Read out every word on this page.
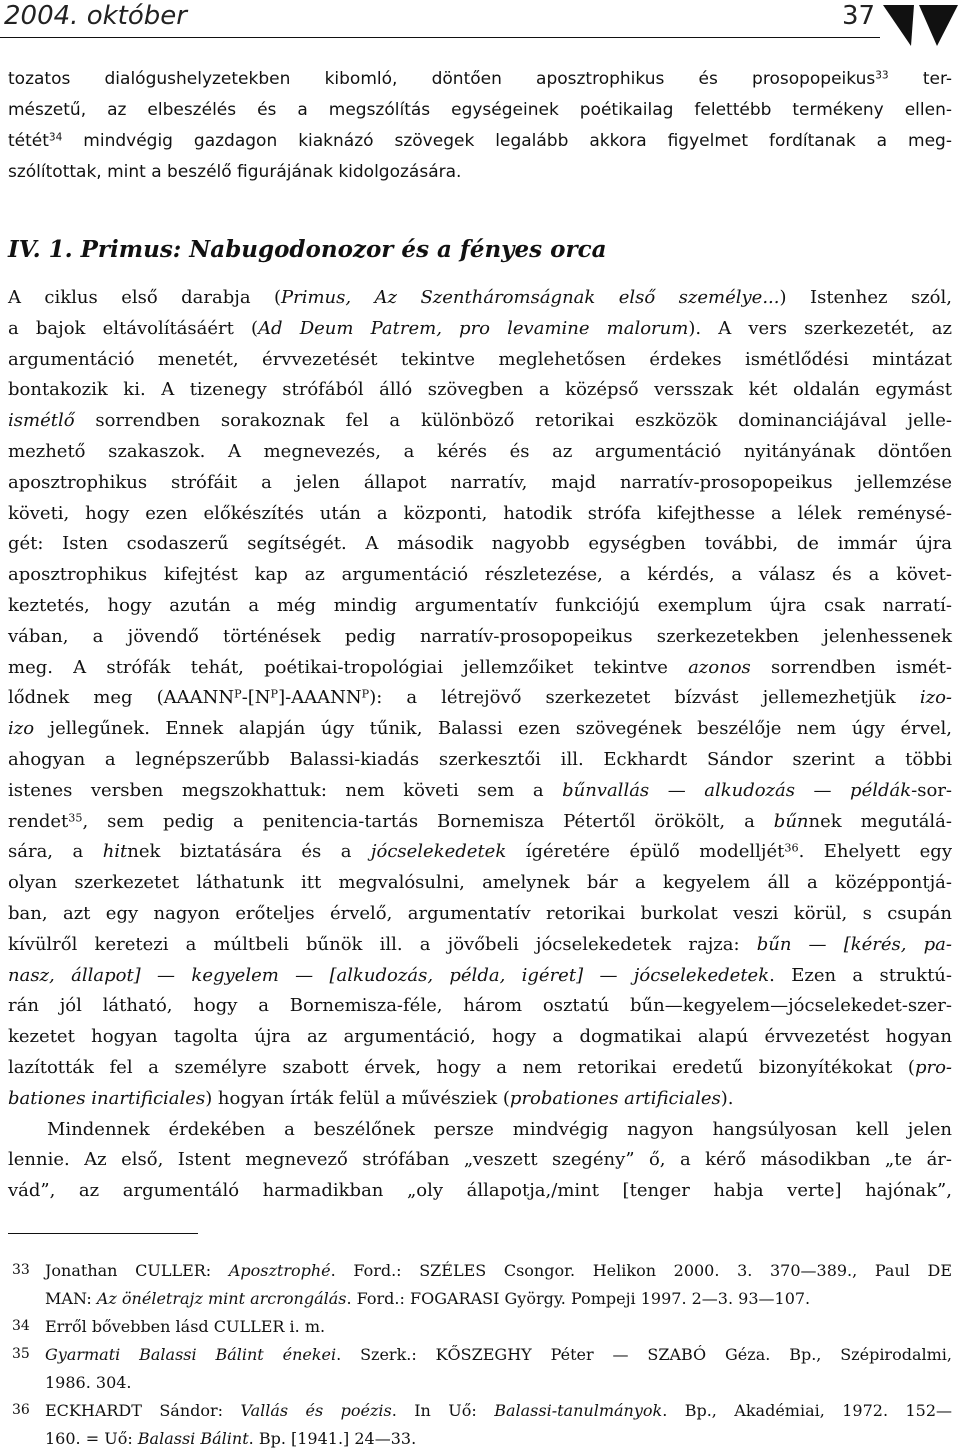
2004. október	37
tozatos dialógushelyzetekben kibomló, döntően aposztrophikus és prosopopeikus$^{33}$ ter-
mészetű, az elbeszélés és a megszólítás egységeinek poétikailag felettébb termékeny ellen-
tétét$^{34}$ mindvégig gazdagon kiaknázó szövegek legalább akkora figyelmet fordítanak a meg-
szólítottak, mint a beszélő figurájának kidolgozására.
IV. 1. Primus: Nabugodonozor és a fényes orca
A ciklus első darabja (Primus, Az Szentháromságnak első személye...) Istenhez szól,
a bajok eltávolításáért (Ad Deum Patrem, pro levamine malorum). A vers szerkezetét, az
argumentáció menetét, érvvezetését tekintve meglehetősen érdekes ismétlődési mintázat
bontakozik ki. A tizenegy strófából álló szövegben a középső versszak két oldalán egymást
ismétlő sorrendben sorakoznak fel a különböző retorikai eszközök dominanciájával jelle-
mezhető szakaszok. A megnevezés, a kérés és az argumentáció nyitányának döntően
aposztrophikus strófáit a jelen állapot narratív, majd narratív-prosopopeikus jellemzése
követi, hogy ezen előkészítés után a központi, hatodik strófa kifejthesse a lélek reménysé-
gét: Isten csodaszerű segítségét. A második nagyobb egységben további, de immár újra
aposztrophikus kifejtést kap az argumentáció részletezése, a kérdés, a válasz és a követ-
keztetés, hogy azután a még mindig argumentatív funkciójú exemplum újra csak narratí-
vában, a jövendő történések pedig narratív-prosopopeikus szerkezetekben jelenhessenek
meg. A strófák tehát, poétikai-tropológiai jellemzőiket tekintve azonos sorrendben ismét-
lődnek meg $(AAANN^P-[N^P]-AAANN^P)$: a létrejövő szerkezetet bízvást jellemezhetjük izo-
izo jellegűnek. Ennek alapján úgy tűnik, Balassi ezen szövegének beszélője nem úgy érvel,
ahogyan a legnépszerűbb Balassi-kiadás szerkesztői ill. Eckhardt Sándor szerint a többi
istenes versben megszokhattuk: nem követi sem a bűnvallás — alkudozás — példák-sor-
rendet$^{35}$, sem pedig a penitencia-tartás Bornemisza Pétertől örökölt, a bűnnek megutálá-
sára, a hitnek biztatására és a jócselekedetek ígéretére épülő modelljét$^{36}$. Ehelyett egy
olyan szerkezetet láthatunk itt megvalósulni, amelynek bár a kegyelem áll a középpontjá-
ban, azt egy nagyon erőteljes érvelő, argumentatív retorikai burkolat veszi körül, s csupán
kívülről keretezi a múltbeli bűnök ill. a jövőbeli jócselekedetek rajza: bűn — [kérés, pa-
nasz, állapot] — kegyelem — [alkudozás, példa, igéret] — jócselekedetek. Ezen a struktú-
rán jól látható, hogy a Bornemisza-féle, három osztatú bűn—kegyelem—jócselekedet-szer-
kezetet hogyan tagolta újra az argumentáció, hogy a dogmatikai alapú érvvezetést hogyan
lazították fel a személyre szabott érvek, hogy a nem retorikai eredetű bizonyítékokat (pro-
bationes inartificiales) hogyan írták felül a művésziek (probationes artificiales).
Mindennek érdekében a beszélőnek persze mindvégig nagyon hangsúlyosan kell jelen
lennie. Az első, Istent megnevező strófában „veszett szegény” ő, a kérő másodikban „te ár-
vád”, az argumentáló harmadikban „oly állapotja,/mint [tenger habja verte] hajónak”,
33 Jonathan CULLER: Aposztrophé. Ford.: SZÉLES Csongor. Helikon 2000. 3. 370—389., Paul DE
MAN: Az önéletrajz mint arcrongálás. Ford.: FOGARASI György. Pompeji 1997. 2—3. 93—107.
34 Erről bővebben lásd CULLER i. m.
35 Gyarmati Balassi Bálint énekei. Szerk.: KŐSZEGHY Péter — SZABÓ Géza. Bp., Szépirodalmi,
1986. 304.
36 ECKHARDT Sándor: Vallás és poézis. In Uő: Balassi-tanulmányok. Bp., Akadémiai, 1972. 152—
160. = Uő: Balassi Bálint. Bp. [1941.] 24—33.
